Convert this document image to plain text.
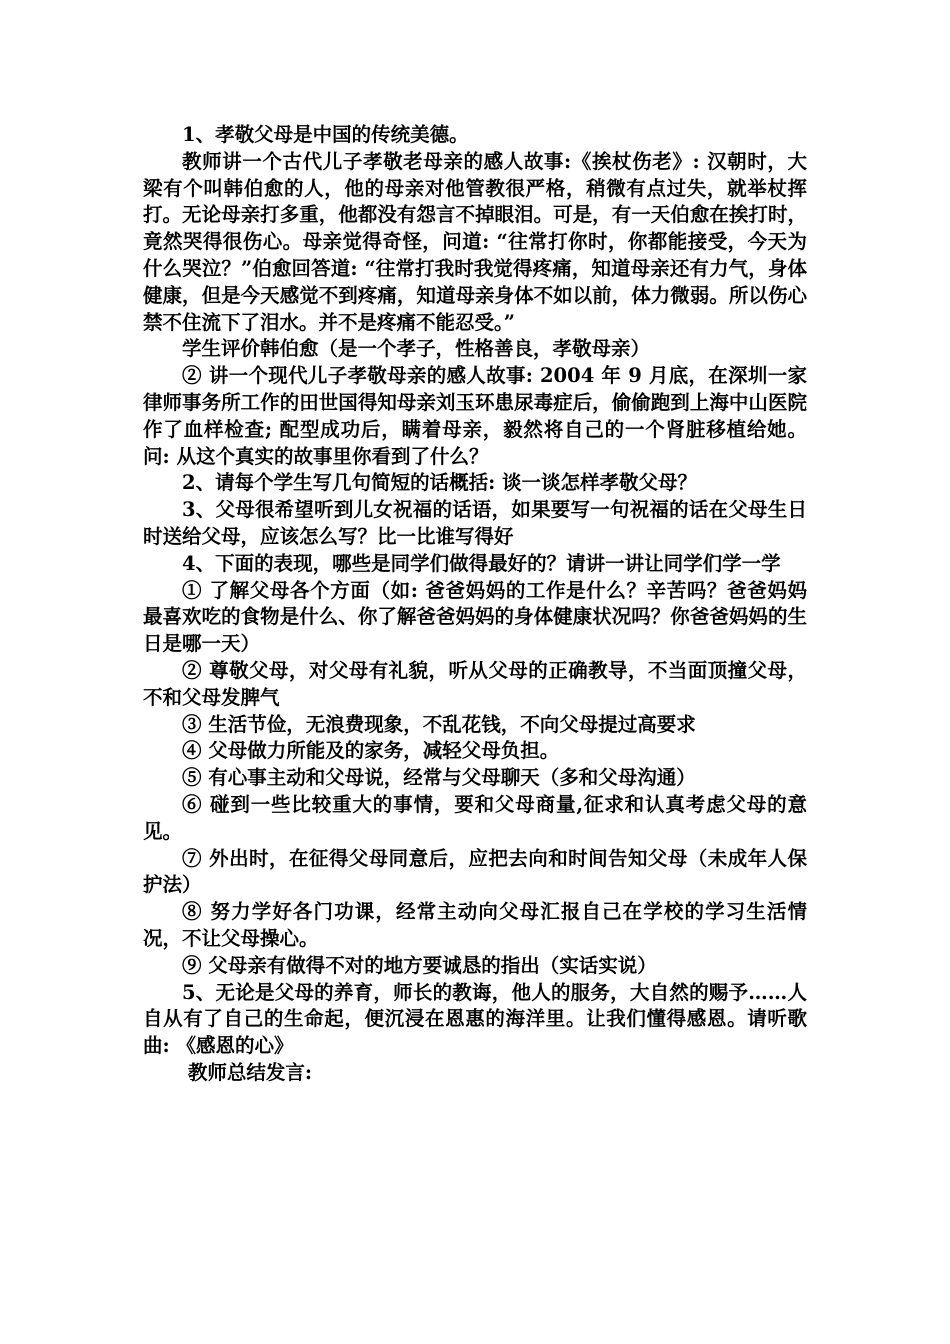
1、孝敬父母是中国的传统美德。

教师讲一个古代儿子孝敬老母亲的感人故事:《挨杖伤老》: 汉朝时，大梁有个叫韩伯愈的人，他的母亲对他管教很严格，稍微有点过失，就举杖挥打。无论母亲打多重，他都没有怨言不掉眼泪。可是，有一天伯愈在挨打时，竟然哭得很伤心。母亲觉得奇怪，问道: “往常打你时，你都能接受，今天为什么哭泣？”伯愈回答道: “往常打我时我觉得疼痛，知道母亲还有力气，身体健康，但是今天感觉不到疼痛，知道母亲身体不如以前，体力微弱。所以伤心禁不住流下了泪水。并不是疼痛不能忍受。”

学生评价韩伯愈（是一个孝子，性格善良，孝敬母亲）

② 讲一个现代儿子孝敬母亲的感人故事: 2004 年 9 月底，在深圳一家律师事务所工作的田世国得知母亲刘玉环患尿毒症后，偷偷跑到上海中山医院作了血样检查; 配型成功后，瞒着母亲，毅然将自己的一个肾脏移植给她。问: 从这个真实的故事里你看到了什么？

2、请每个学生写几句简短的话概括: 谈一谈怎样孝敬父母？

3、父母很希望听到儿女祝福的话语，如果要写一句祝福的话在父母生日时送给父母，应该怎么写？比一比谁写得好

4、下面的表现，哪些是同学们做得最好的？请讲一讲让同学们学一学

① 了解父母各个方面（如: 爸爸妈妈的工作是什么？辛苦吗？爸爸妈妈最喜欢吃的食物是什么、你了解爸爸妈妈的身体健康状况吗？你爸爸妈妈的生日是哪一天）

② 尊敬父母，对父母有礼貌，听从父母的正确教导，不当面顶撞父母，不和父母发脾气

③ 生活节俭，无浪费现象，不乱花钱，不向父母提过高要求

④ 父母做力所能及的家务，减轻父母负担。

⑤ 有心事主动和父母说，经常与父母聊天（多和父母沟通）

⑥ 碰到一些比较重大的事情，要和父母商量,征求和认真考虑父母的意见。

⑦ 外出时，在征得父母同意后，应把去向和时间告知父母（未成年人保护法）

⑧ 努力学好各门功课，经常主动向父母汇报自己在学校的学习生活情况，不让父母操心。

⑨ 父母亲有做得不对的地方要诚恳的指出（实话实说）

5、无论是父母的养育，师长的教诲，他人的服务，大自然的赐予……人自从有了自己的生命起，便沉浸在恩惠的海洋里。让我们懂得感恩。请听歌曲: 《感恩的心》

教师总结发言:
